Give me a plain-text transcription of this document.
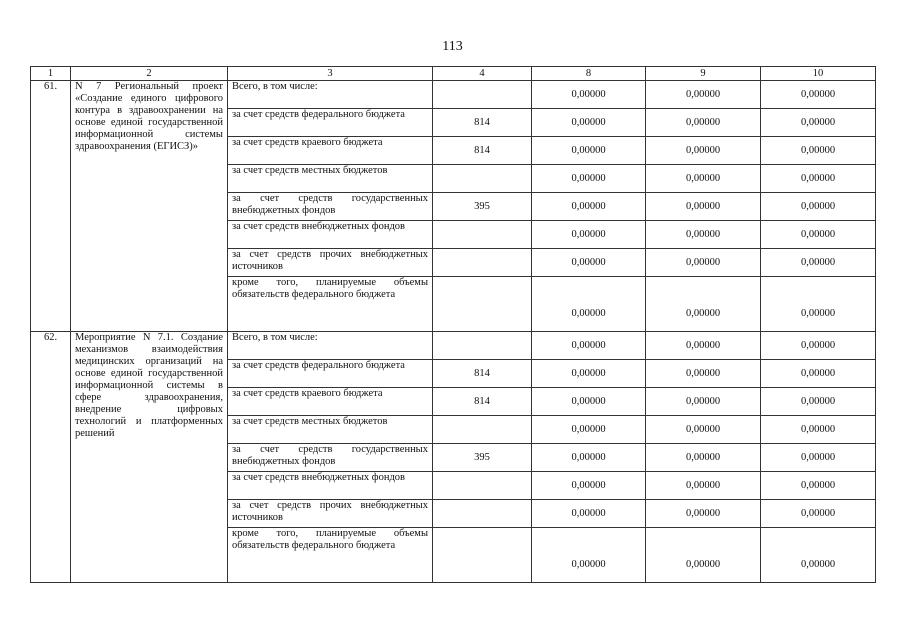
113
1	2	3	4	8	9	10
61.	N 7 Региональный проект «Создание единого цифрового контура в здравоохранении на основе единой государственной информационной системы здравоохранения (ЕГИСЗ)»	Всего, в том числе:		0,00000	0,00000	0,00000
		за счет средств федерального бюджета	814	0,00000	0,00000	0,00000
		за счет средств краевого бюджета	814	0,00000	0,00000	0,00000
		за счет средств местных бюджетов		0,00000	0,00000	0,00000
		за счет средств государственных внебюджетных фондов	395	0,00000	0,00000	0,00000
		за счет средств внебюджетных фондов		0,00000	0,00000	0,00000
		за счет средств прочих внебюджетных источников		0,00000	0,00000	0,00000
		кроме того, планируемые объемы обязательств федерального бюджета		0,00000	0,00000	0,00000
62.	Мероприятие N 7.1. Создание механизмов взаимодействия медицинских организаций на основе единой государственной информационной системы в сфере здравоохранения, внедрение цифровых технологий и платформенных решений	Всего, в том числе:		0,00000	0,00000	0,00000
		за счет средств федерального бюджета	814	0,00000	0,00000	0,00000
		за счет средств краевого бюджета	814	0,00000	0,00000	0,00000
		за счет средств местных бюджетов		0,00000	0,00000	0,00000
		за счет средств государственных внебюджетных фондов	395	0,00000	0,00000	0,00000
		за счет средств внебюджетных фондов		0,00000	0,00000	0,00000
		за счет средств прочих внебюджетных источников		0,00000	0,00000	0,00000
		кроме того, планируемые объемы обязательств федерального бюджета		0,00000	0,00000	0,00000
